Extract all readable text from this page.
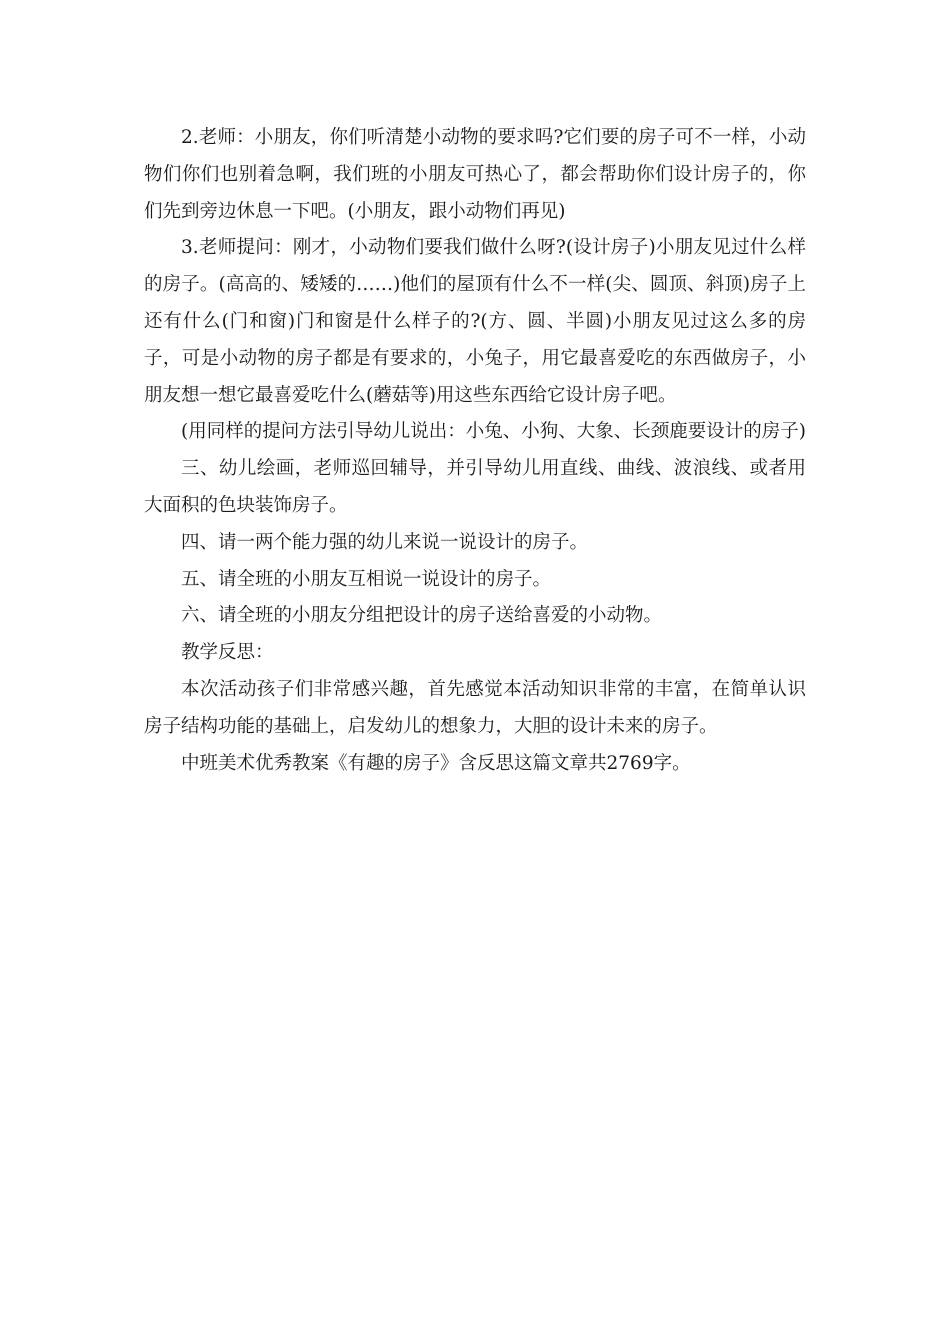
2.老师：小朋友，你们听清楚小动物的要求吗?它们要的房子可不一样，小动物们你们也别着急啊，我们班的小朋友可热心了，都会帮助你们设计房子的，你们先到旁边休息一下吧。(小朋友，跟小动物们再见)

3.老师提问：刚才，小动物们要我们做什么呀?(设计房子)小朋友见过什么样的房子。(高高的、矮矮的……)他们的屋顶有什么不一样(尖、圆顶、斜顶)房子上还有什么(门和窗)门和窗是什么样子的?(方、圆、半圆)小朋友见过这么多的房子，可是小动物的房子都是有要求的，小兔子，用它最喜爱吃的东西做房子，小朋友想一想它最喜爱吃什么(蘑菇等)用这些东西给它设计房子吧。

(用同样的提问方法引导幼儿说出：小兔、小狗、大象、长颈鹿要设计的房子)

三、幼儿绘画，老师巡回辅导，并引导幼儿用直线、曲线、波浪线、或者用大面积的色块装饰房子。

四、请一两个能力强的幼儿来说一说设计的房子。

五、请全班的小朋友互相说一说设计的房子。

六、请全班的小朋友分组把设计的房子送给喜爱的小动物。

教学反思：

本次活动孩子们非常感兴趣，首先感觉本活动知识非常的丰富，在简单认识房子结构功能的基础上，启发幼儿的想象力，大胆的设计未来的房子。

中班美术优秀教案《有趣的房子》含反思这篇文章共2769字。
